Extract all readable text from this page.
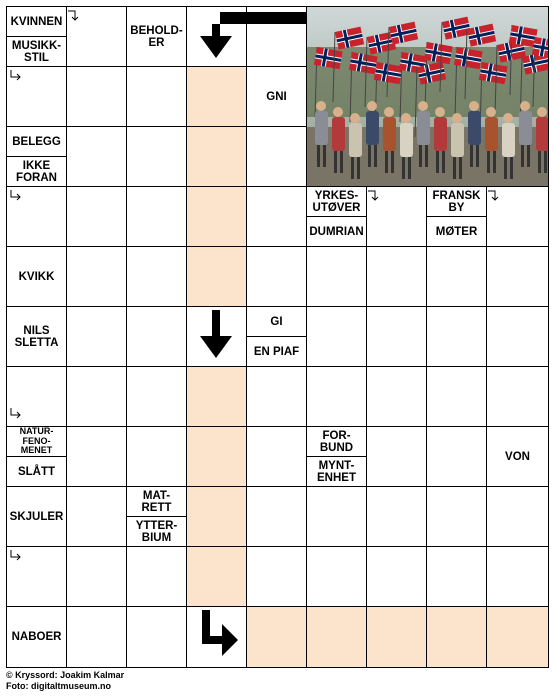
KVINNEN
MUSIKK-
STIL
BEHOLD-
ER
GNI
BELEGG
IKKE
FORAN
YRKES-
UTØVER
DUMRIAN
FRANSK
BY
MØTER
KVIKK
NILS
SLETTA
GI
EN PIAF
NATUR-
FENO-
MENET
SLÅTT
FOR-
BUND
MYNT-
ENHET
VON
SKJULER
MAT-
RETT
YTTER-
BIUM
NABOER
© Kryssord: Joakim Kalmar
Foto: digitaltmuseum.no
